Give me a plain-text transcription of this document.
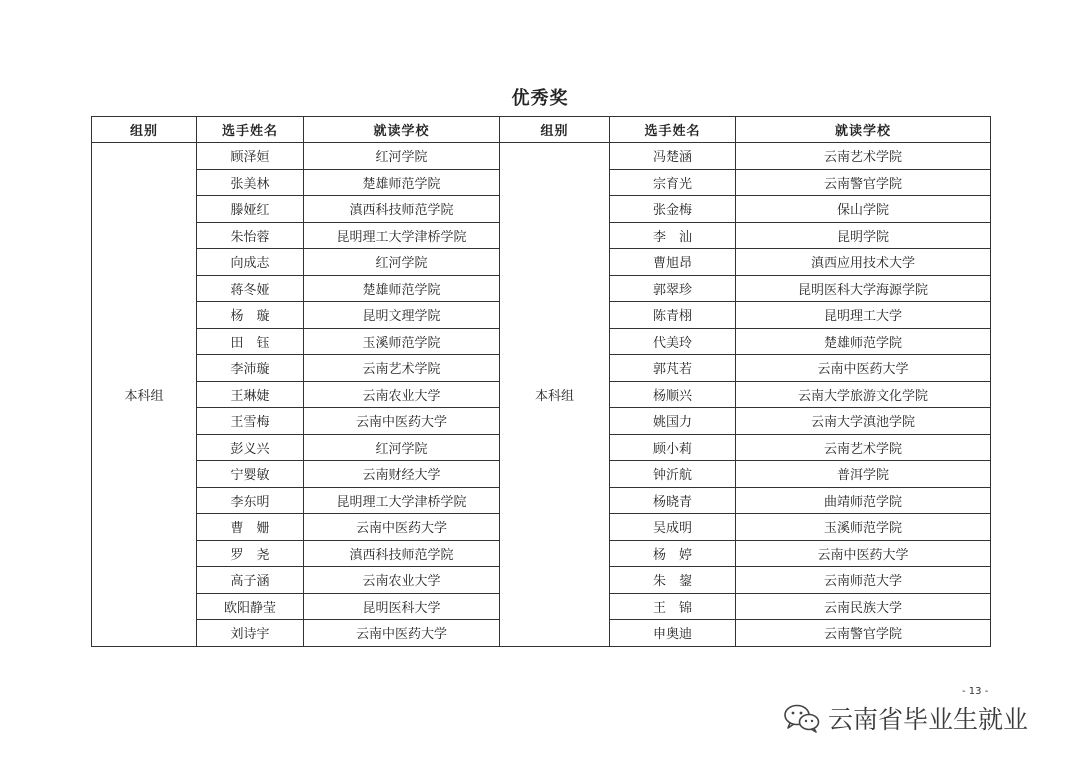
优秀奖
组别	选手姓名	就读学校	组别	选手姓名	就读学校
本科组	顾泽姮	红河学院	本科组	冯楚涵	云南艺术学院
	张美林	楚雄师范学院		宗育光	云南警官学院
	滕娅红	滇西科技师范学院		张金梅	保山学院
	朱怡蓉	昆明理工大学津桥学院		李　汕	昆明学院
	向成志	红河学院		曹旭昂	滇西应用技术大学
	蒋冬娅	楚雄师范学院		郭翠珍	昆明医科大学海源学院
	杨　璇	昆明文理学院		陈青栩	昆明理工大学
	田　钰	玉溪师范学院		代美玲	楚雄师范学院
	李沛璇	云南艺术学院		郭芃若	云南中医药大学
	王琳婕	云南农业大学		杨顺兴	云南大学旅游文化学院
	王雪梅	云南中医药大学		姚国力	云南大学滇池学院
	彭义兴	红河学院		顾小莉	云南艺术学院
	宁婴敏	云南财经大学		钟沂航	普洱学院
	李东明	昆明理工大学津桥学院		杨晓青	曲靖师范学院
	曹　姗	云南中医药大学		吴成明	玉溪师范学院
	罗　尧	滇西科技师范学院		杨　婷	云南中医药大学
	高子涵	云南农业大学		朱　鋆	云南师范大学
	欧阳静莹	昆明医科大学		王　锦	云南民族大学
	刘诗宇	云南中医药大学		申奥迪	云南警官学院
- 13 -
云南省毕业生就业
